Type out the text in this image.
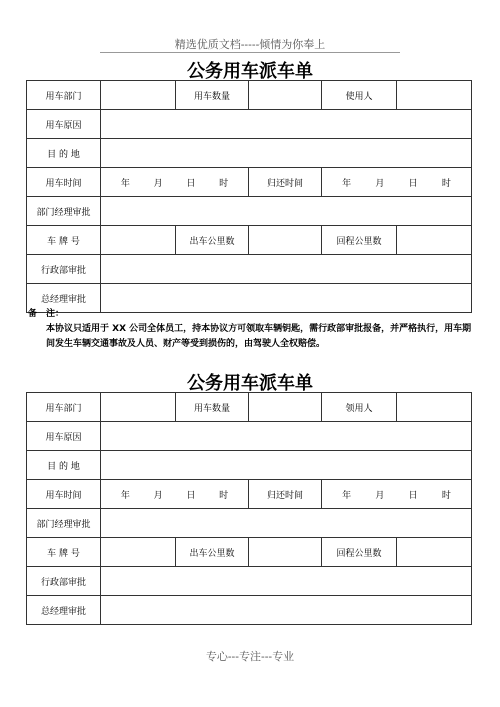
精选优质文档-----倾情为你奉上
公务用车派车单
用车部门		用车数量		使用人	
用车原因					
目 的 地					
用车时间	年 月 日 时		归还时间	年 月 日 时	

部门经理审批					
车 牌 号		出车公里数		回程公里数	
行政部审批					
总经理审批					
备　注：
本协议只适用于 XX 公司全体员工，持本协议方可领取车辆钥匙，需行政部审批报备，并严格执行，用车期间发生车辆交通事故及人员、财产等受到损伤的，由驾驶人全权赔偿。
公务用车派车单
用车部门		用车数量		领用人	
用车原因					
目 的 地					
用车时间	年 月 日 时		归还时间	年 月 日 时	

部门经理审批					
车 牌 号		出车公里数		回程公里数	
行政部审批					
总经理审批					
专心---专注---专业
